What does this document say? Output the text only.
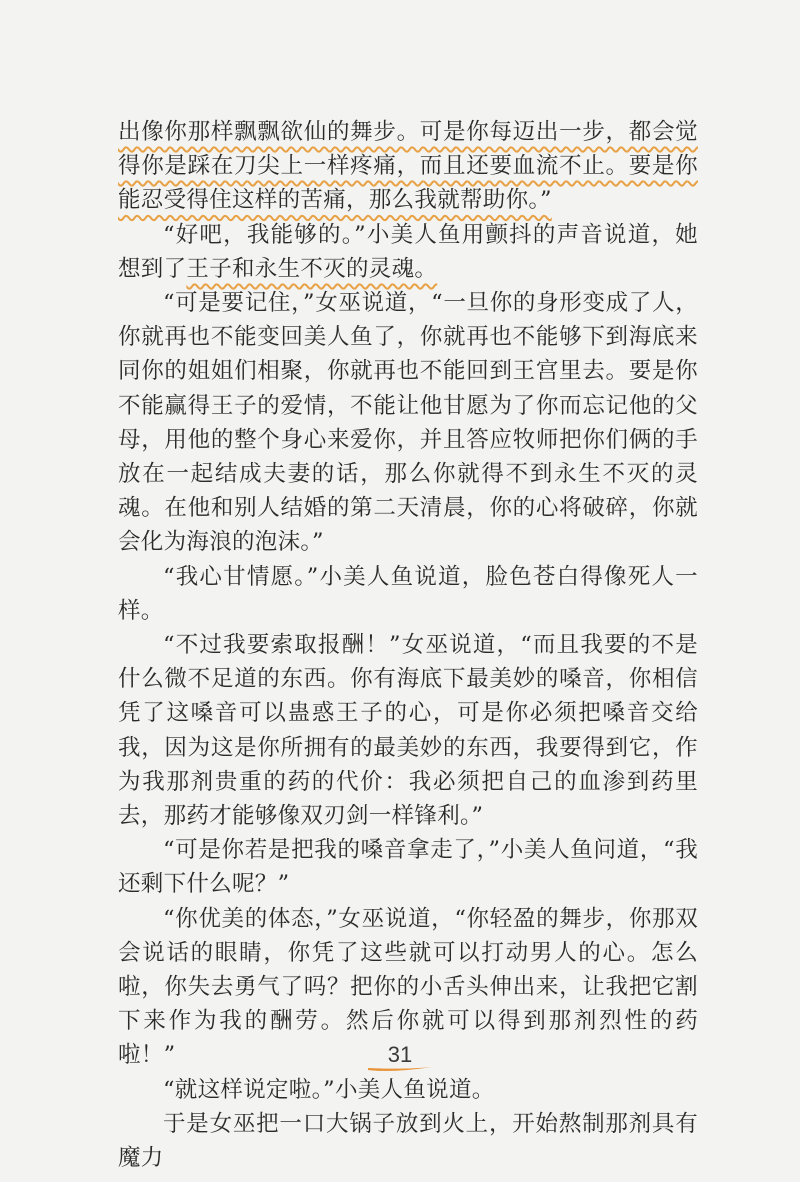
出像你那样飘飘欲仙的舞步。可是你每迈出一步，都会觉得你是踩在刀尖上一样疼痛，而且还要血流不止。要是你能忍受得住这样的苦痛，那么我就帮助你。”

“好吧，我能够的。”小美人鱼用颤抖的声音说道，她想到了王子和永生不灭的灵魂。

“可是要记住，”女巫说道，“一旦你的身形变成了人，你就再也不能变回美人鱼了，你就再也不能够下到海底来同你的姐姐们相聚，你就再也不能回到王宫里去。要是你不能赢得王子的爱情，不能让他甘愿为了你而忘记他的父母，用他的整个身心来爱你，并且答应牧师把你们俩的手放在一起结成夫妻的话，那么你就得不到永生不灭的灵魂。在他和别人结婚的第二天清晨，你的心将破碎，你就会化为海浪的泡沫。”

“我心甘情愿。”小美人鱼说道，脸色苍白得像死人一样。

“不过我要索取报酬！”女巫说道，“而且我要的不是什么微不足道的东西。你有海底下最美妙的嗓音，你相信凭了这嗓音可以蛊惑王子的心，可是你必须把嗓音交给我，因为这是你所拥有的最美妙的东西，我要得到它，作为我那剂贵重的药的代价：我必须把自己的血渗到药里去，那药才能够像双刃剑一样锋利。”

“可是你若是把我的嗓音拿走了，”小美人鱼问道，“我还剩下什么呢？”

“你优美的体态，”女巫说道，“你轻盈的舞步，你那双会说话的眼睛，你凭了这些就可以打动男人的心。怎么啦，你失去勇气了吗？把你的小舌头伸出来，让我把它割下来作为我的酬劳。然后你就可以得到那剂烈性的药啦！”

“就这样说定啦。”小美人鱼说道。

于是女巫把一口大锅子放到火上，开始熬制那剂具有魔力

31
